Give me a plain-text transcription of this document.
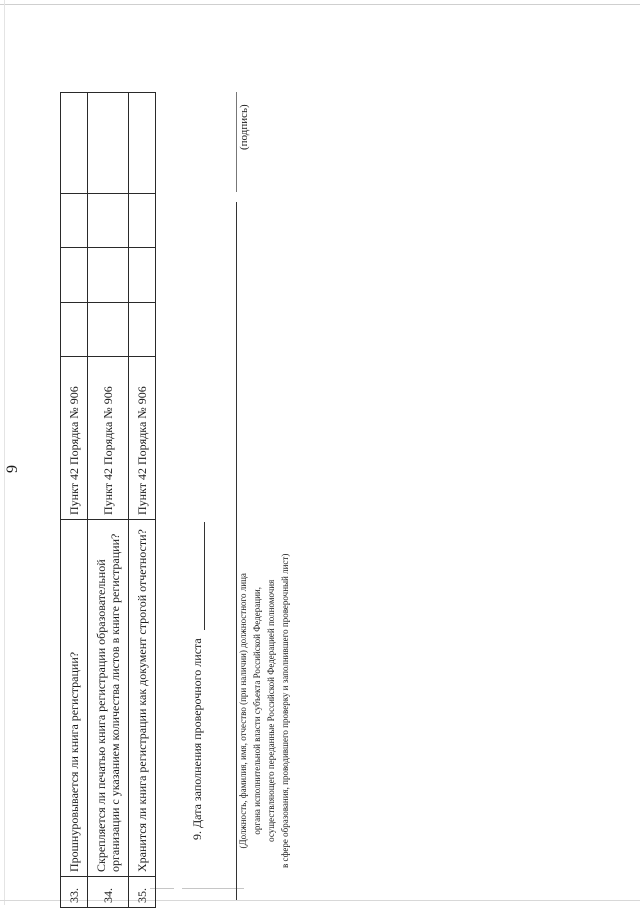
9
33.	Прошнуровывается ли книга регистрации?	Пункт 42 Порядка № 906				
34.	Скрепляется ли печатью книга регистрации образовательной организации с указанием количества листов в книге регистрации?	Пункт 42 Порядка № 906				
35.	Хранится ли книга регистрации как документ строгой отчетности?	Пункт 42 Порядка № 906				
9. Дата заполнения проверочного листа
(подпись)
(Должность, фамилия, имя, отчество (при наличии) должностного лица органа исполнительной власти субъекта Российской Федерации, осуществляющего переданные Российской Федерацией полномочия в сфере образования, проводившего проверку и заполнившего проверочный лист)
